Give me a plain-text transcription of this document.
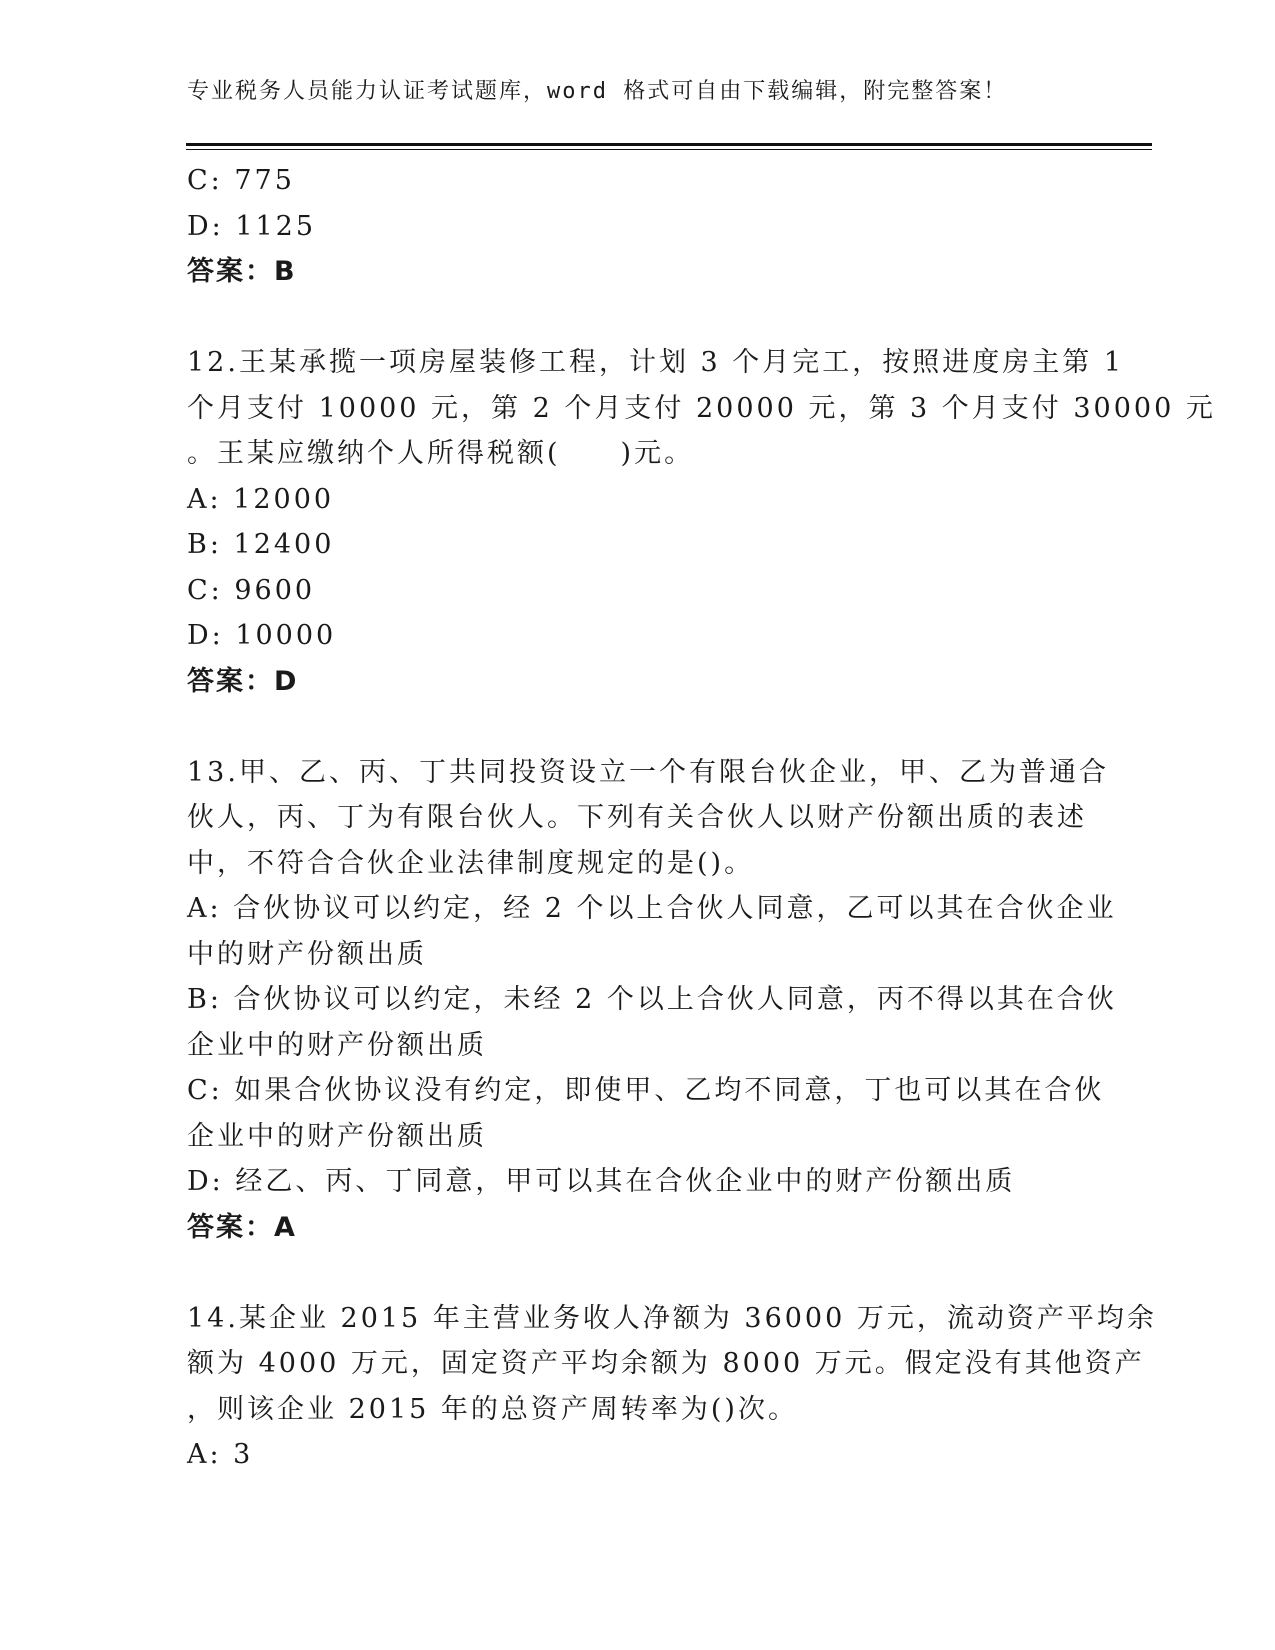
专业税务人员能力认证考试题库，word 格式可自由下载编辑，附完整答案！
C: 775
D: 1125
答案：B
12.王某承揽一项房屋装修工程，计划 3 个月完工，按照进度房主第 1
个月支付 10000 元，第 2 个月支付 20000 元，第 3 个月支付 30000 元
。王某应缴纳个人所得税额(　　)元。
A: 12000
B: 12400
C: 9600
D: 10000
答案：D
13.甲、乙、丙、丁共同投资设立一个有限台伙企业，甲、乙为普通合
伙人，丙、丁为有限台伙人。下列有关合伙人以财产份额出质的表述
中，不符合合伙企业法律制度规定的是()。
A: 合伙协议可以约定，经 2 个以上合伙人同意，乙可以其在合伙企业
中的财产份额出质
B: 合伙协议可以约定，未经 2 个以上合伙人同意，丙不得以其在合伙
企业中的财产份额出质
C: 如果合伙协议没有约定，即使甲、乙均不同意，丁也可以其在合伙
企业中的财产份额出质
D: 经乙、丙、丁同意，甲可以其在合伙企业中的财产份额出质
答案：A
14.某企业 2015 年主营业务收人净额为 36000 万元，流动资产平均余
额为 4000 万元，固定资产平均余额为 8000 万元。假定没有其他资产
，则该企业 2015 年的总资产周转率为()次。
A: 3
